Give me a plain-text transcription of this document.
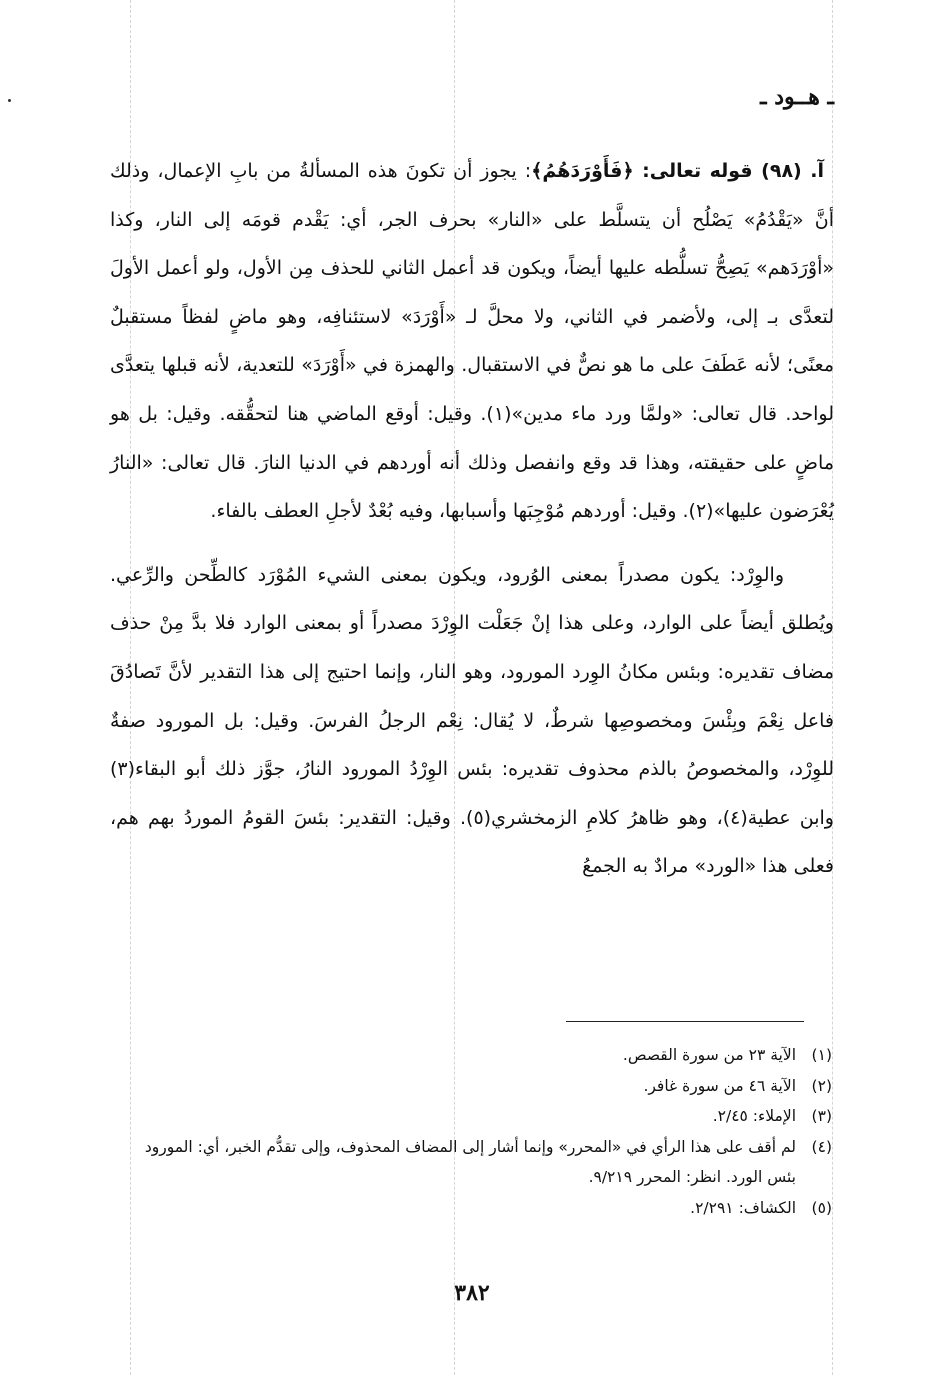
ـ هــود ـ

آ. (٩٨) قوله تعالى: ﴿فَأَوْرَدَهُمُ﴾: يجوز أن تكونَ هذه المسألةُ من بابِ الإعمال، وذلك أنَّ «يَقْدُمُ» يَصْلُح أن يتسلَّط على «النار» بحرف الجر، أي: يَقْدم قومَه إلى النار، وكذا «أوْرَدَهم» يَصِحُّ تسلُّطه عليها أيضاً، ويكون قد أعمل الثاني للحذف مِن الأول، ولو أعمل الأولَ لتعدَّى بـ إلى، ولأضمر في الثاني، ولا محلَّ لـ «أَوْرَدَ» لاستئنافِه، وهو ماضٍ لفظاً مستقبلٌ معنًى؛ لأنه عَطَفَ على ما هو نصٌّ في الاستقبال. والهمزة في «أَوْرَدَ» للتعدية، لأنه قبلها يتعدَّى لواحد. قال تعالى: «ولمَّا ورد ماء مدين»(١). وقيل: أوقع الماضي هنا لتحقُّقه. وقيل: بل هو ماضٍ على حقيقته، وهذا قد وقع وانفصل وذلك أنه أوردهم في الدنيا النارَ. قال تعالى: «النارُ يُعْرَضون عليها»(٢). وقيل: أوردهم مُوْجِبَها وأسبابها، وفيه بُعْدٌ لأجلِ العطف بالفاء.

والوِرْد: يكون مصدراً بمعنى الوُرود، ويكون بمعنى الشيء المُوْرَد كالطِّحن والرِّعي. ويُطلق أيضاً على الوارد، وعلى هذا إنْ جَعَلْت الوِرْدَ مصدراً أو بمعنى الوارد فلا بدَّ مِنْ حذف مضاف تقديره: وبئس مكانُ الوِرد المورود، وهو النار، وإنما احتيج إلى هذا التقدير لأنَّ تَصادُقَ فاعل نِعْمَ وبِئْسَ ومخصوصِها شرطٌ، لا يُقال: نِعْم الرجلُ الفرسَ. وقيل: بل المورود صفةٌ للوِرْد، والمخصوصُ بالذم محذوف تقديره: بئس الوِرْدُ المورود النارُ، جوَّز ذلك أبو البقاء(٣) وابن عطية(٤)، وهو ظاهرُ كلامِ الزمخشري(٥). وقيل: التقدير: بئسَ القومُ الموردُ بهم هم، فعلى هذا «الورد» مرادٌ به الجمعُ

(١)
الآية ٢٣ من سورة القصص.

(٢)
الآية ٤٦ من سورة غافر.

(٣)
الإملاء: ٢/٤٥.

(٤)
لم أقف على هذا الرأي في «المحرر» وإنما أشار إلى المضاف المحذوف، وإلى تقدُّم الخبر، أي: المورود بئس الورد. انظر: المحرر ٩/٢١٩.

(٥)
الكشاف: ٢/٢٩١.

٣٨٢
